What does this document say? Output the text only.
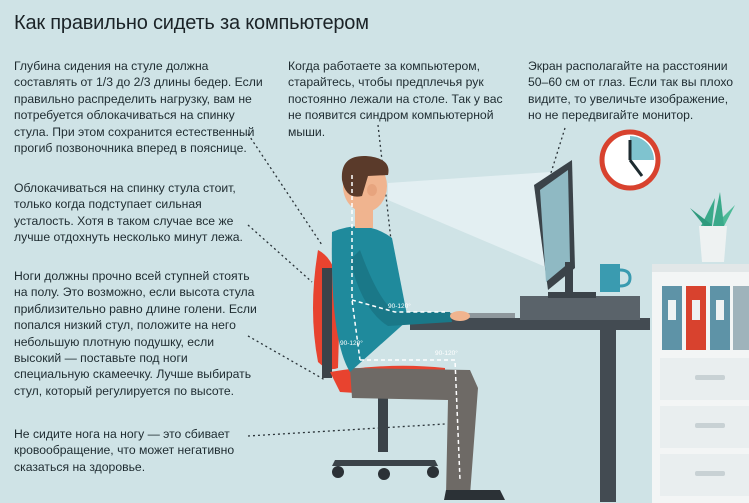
Как правильно сидеть за компьютером
Глубина сидения на стуле должна составлять от 1/3 до 2/3 длины бедер. Если правильно распределить нагрузку, вам не потребуется облокачиваться на спинку стула. При этом сохранится естественный прогиб позвоночника вперед в пояснице.
Облокачиваться на спинку стула стоит, только когда подступает сильная усталость. Хотя в таком случае все же лучше отдохнуть несколько минут лежа.
Ноги должны прочно всей ступней стоять на полу. Это возможно, если высота стула приблизительно равно длине голени. Если попался низкий стул, положите на него небольшую плотную подушку, если высокий — поставьте под ноги специальную скамеечку. Лучше выбирать стул, который регулируется по высоте.
Не сидите нога на ногу — это сбивает кровообращение, что может негативно сказаться на здоровье.
Когда работаете за компьютером, старайтесь, чтобы предплечья рук постоянно лежали на столе. Так у вас не появится синдром компьютерной мыши.
Экран располагайте на расстоянии 50–60 см от глаз. Если так вы плохо видите, то увеличьте изображение, но не передвигайте монитор.
90-120°
90-120°
90-120°
